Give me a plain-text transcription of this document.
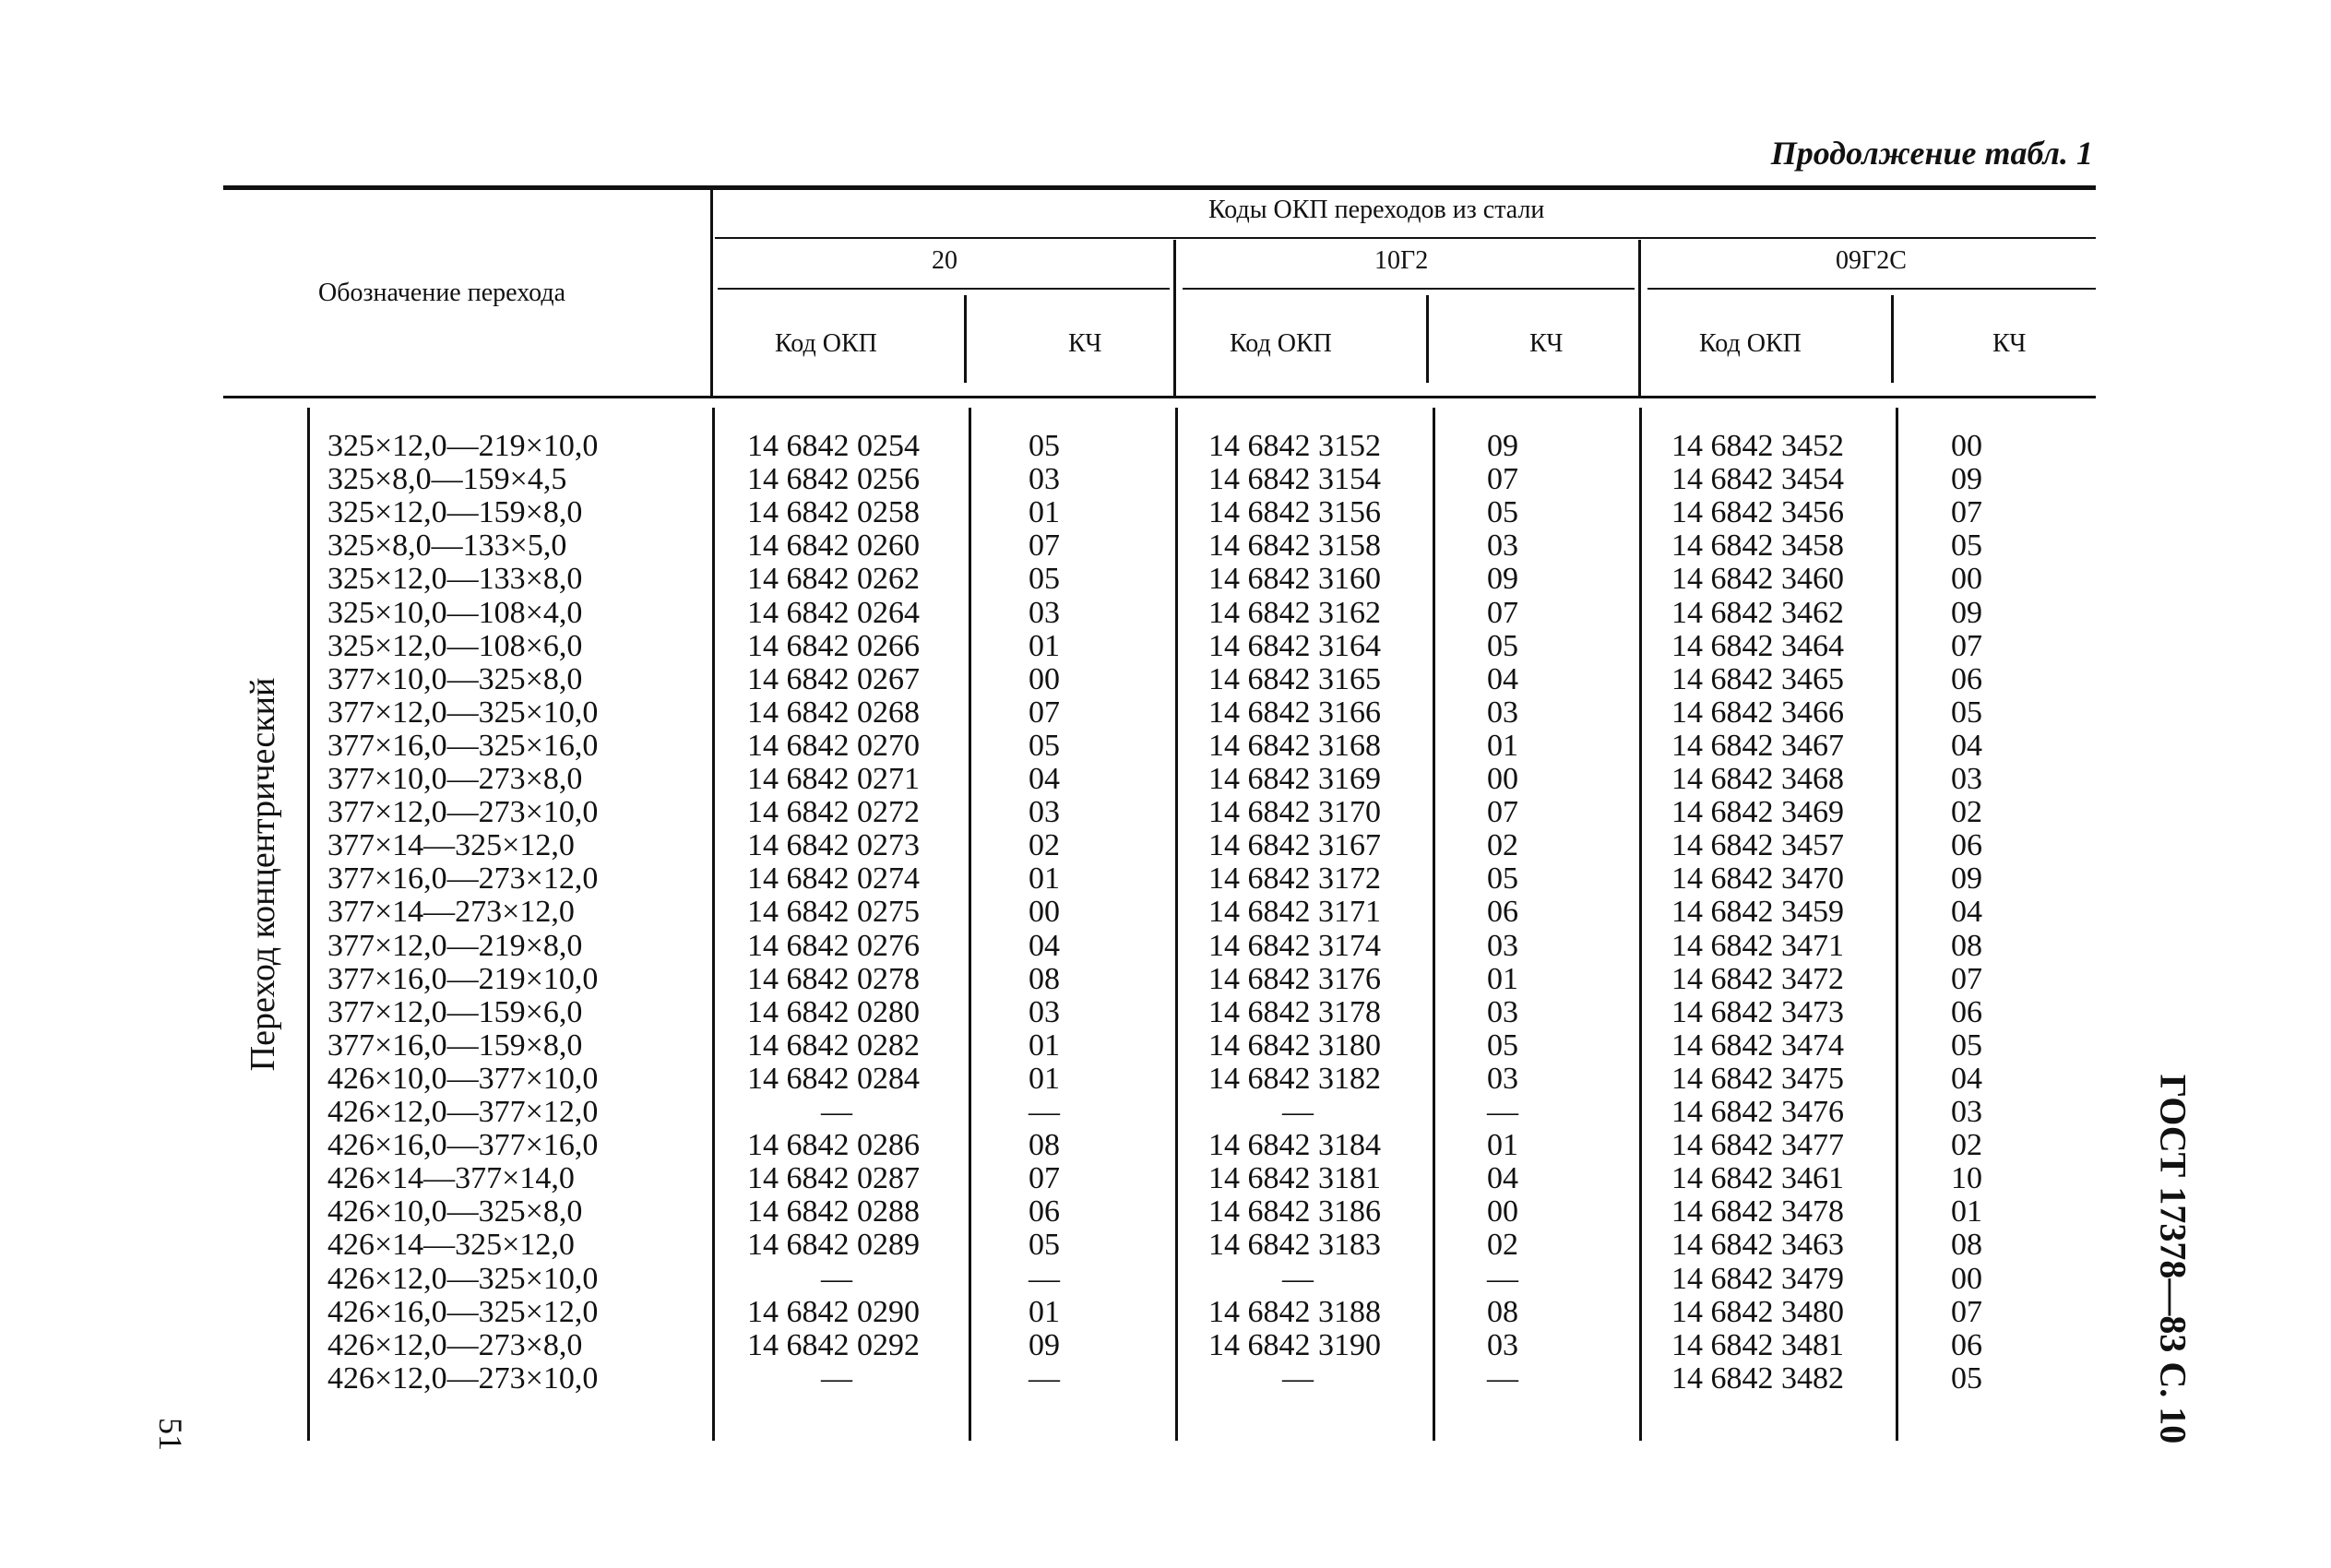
Продолжение табл. 1
Обозначение перехода
Коды ОКП переходов из стали
20	10Г2	09Г2С
Код ОКП	КЧ	Код ОКП	КЧ	Код ОКП	КЧ
Переход концентрический
51	ГОСТ 17378—83 С. 10
325×12,0—219×10,0	14 6842 0254	05	14 6842 3152	09	14 6842 3452	00
325×8,0—159×4,5	14 6842 0256	03	14 6842 3154	07	14 6842 3454	09
325×12,0—159×8,0	14 6842 0258	01	14 6842 3156	05	14 6842 3456	07
325×8,0—133×5,0	14 6842 0260	07	14 6842 3158	03	14 6842 3458	05
325×12,0—133×8,0	14 6842 0262	05	14 6842 3160	09	14 6842 3460	00
325×10,0—108×4,0	14 6842 0264	03	14 6842 3162	07	14 6842 3462	09
325×12,0—108×6,0	14 6842 0266	01	14 6842 3164	05	14 6842 3464	07
377×10,0—325×8,0	14 6842 0267	00	14 6842 3165	04	14 6842 3465	06
377×12,0—325×10,0	14 6842 0268	07	14 6842 3166	03	14 6842 3466	05
377×16,0—325×16,0	14 6842 0270	05	14 6842 3168	01	14 6842 3467	04
377×10,0—273×8,0	14 6842 0271	04	14 6842 3169	00	14 6842 3468	03
377×12,0—273×10,0	14 6842 0272	03	14 6842 3170	07	14 6842 3469	02
377×14—325×12,0	14 6842 0273	02	14 6842 3167	02	14 6842 3457	06
377×16,0—273×12,0	14 6842 0274	01	14 6842 3172	05	14 6842 3470	09
377×14—273×12,0	14 6842 0275	00	14 6842 3171	06	14 6842 3459	04
377×12,0—219×8,0	14 6842 0276	04	14 6842 3174	03	14 6842 3471	08
377×16,0—219×10,0	14 6842 0278	08	14 6842 3176	01	14 6842 3472	07
377×12,0—159×6,0	14 6842 0280	03	14 6842 3178	03	14 6842 3473	06
377×16,0—159×8,0	14 6842 0282	01	14 6842 3180	05	14 6842 3474	05
426×10,0—377×10,0	14 6842 0284	01	14 6842 3182	03	14 6842 3475	04
426×12,0—377×12,0	—	—	—	—	14 6842 3476	03
426×16,0—377×16,0	14 6842 0286	08	14 6842 3184	01	14 6842 3477	02
426×14—377×14,0	14 6842 0287	07	14 6842 3181	04	14 6842 3461	10
426×10,0—325×8,0	14 6842 0288	06	14 6842 3186	00	14 6842 3478	01
426×14—325×12,0	14 6842 0289	05	14 6842 3183	02	14 6842 3463	08
426×12,0—325×10,0	—	—	—	—	14 6842 3479	00
426×16,0—325×12,0	14 6842 0290	01	14 6842 3188	08	14 6842 3480	07
426×12,0—273×8,0	14 6842 0292	09	14 6842 3190	03	14 6842 3481	06
426×12,0—273×10,0	—	—	—	—	14 6842 3482	05
